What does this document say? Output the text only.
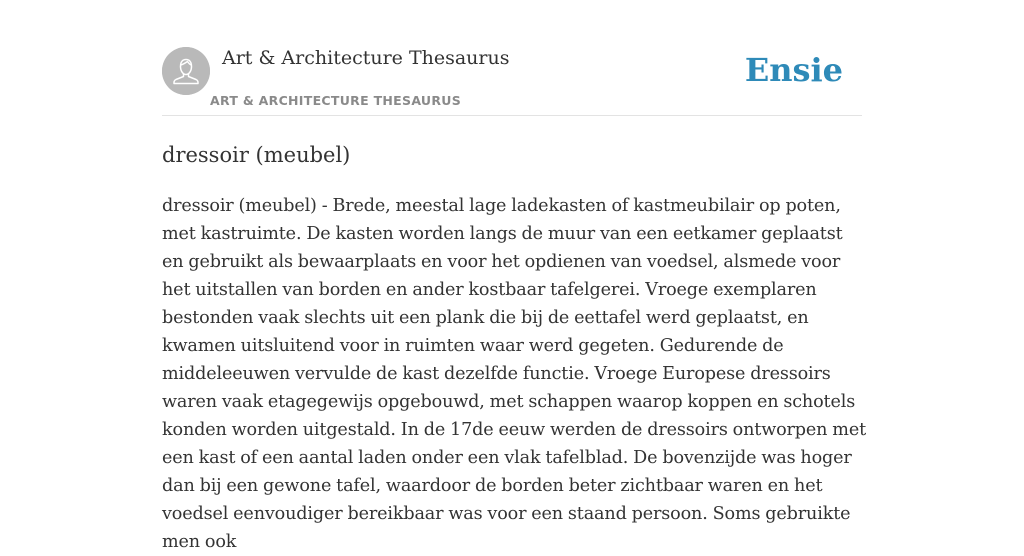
Art & Architecture Thesaurus
ART & ARCHITECTURE THESAURUS
Ensie
dressoir (meubel)

dressoir (meubel) - Brede, meestal lage ladekasten of kastmeubilair op poten, met kastruimte. De kasten worden langs de muur van een eetkamer geplaatst en gebruikt als bewaarplaats en voor het opdienen van voedsel, alsmede voor het uitstallen van borden en ander kostbaar tafelgerei. Vroege exemplaren bestonden vaak slechts uit een plank die bij de eettafel werd geplaatst, en kwamen uitsluitend voor in ruimten waar werd gegeten. Gedurende de middeleeuwen vervulde de kast dezelfde functie. Vroege Europese dressoirs waren vaak etagegewijs opgebouwd, met schappen waarop koppen en schotels konden worden uitgestald. In de 17de eeuw werden de dressoirs ontworpen met een kast of een aantal laden onder een vlak tafelblad. De bovenzijde was hoger dan bij een gewone tafel, waardoor de borden beter zichtbaar waren en het voedsel eenvoudiger bereikbaar was voor een staand persoon. Soms gebruikte men ook
